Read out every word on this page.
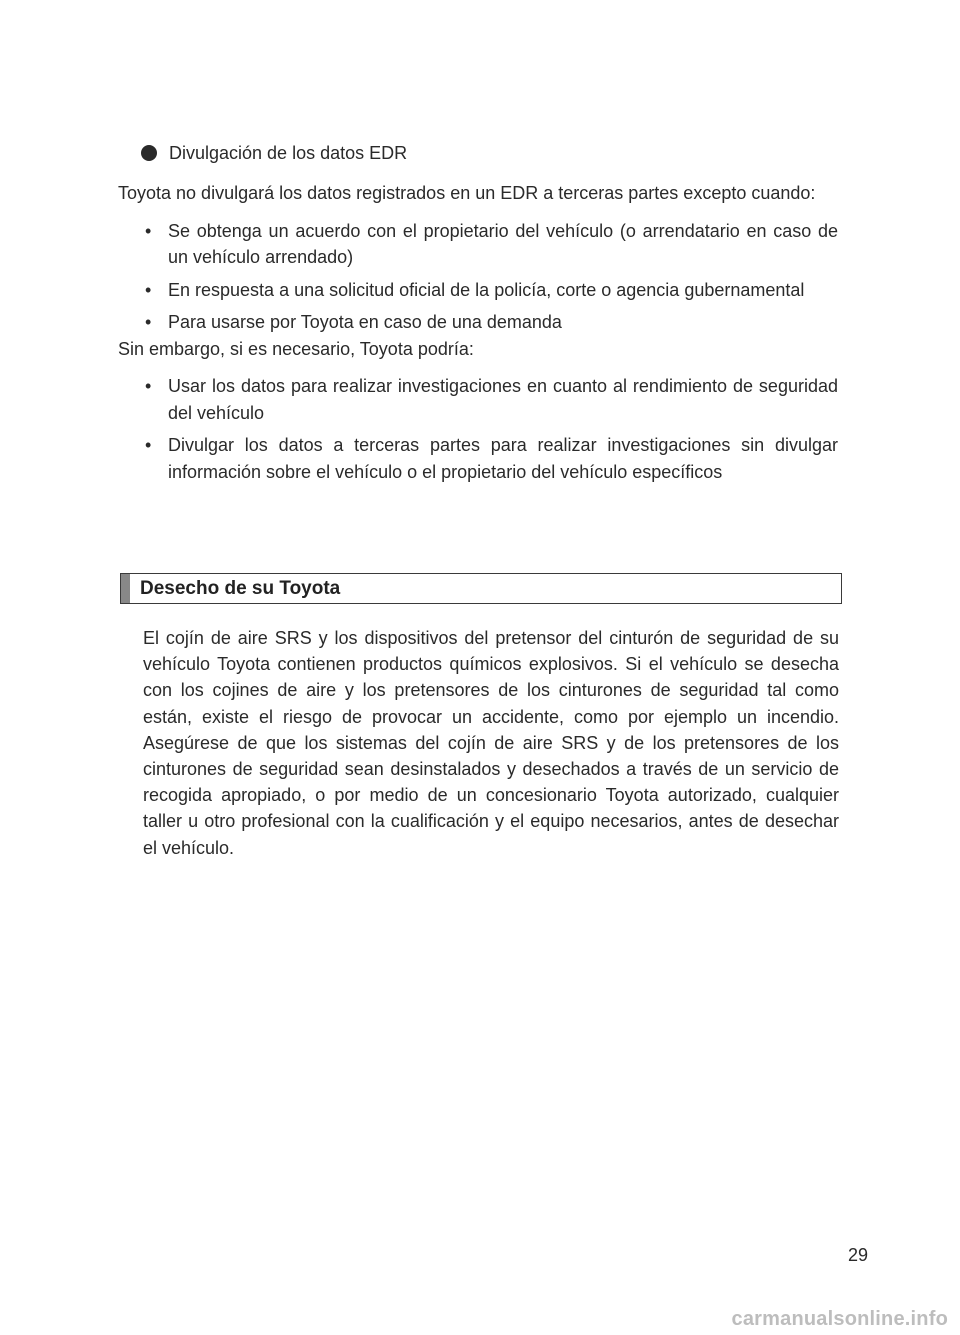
Divulgación de los datos EDR

Toyota no divulgará los datos registrados en un EDR a terceras partes excepto cuando:

• Se obtenga un acuerdo con el propietario del vehículo (o arrendatario en caso de un vehículo arrendado)
• En respuesta a una solicitud oficial de la policía, corte o agencia gubernamental
• Para usarse por Toyota en caso de una demanda

Sin embargo, si es necesario, Toyota podría:

• Usar los datos para realizar investigaciones en cuanto al rendimiento de seguridad del vehículo
• Divulgar los datos a terceras partes para realizar investigaciones sin divulgar información sobre el vehículo o el propietario del vehículo específicos
Desecho de su Toyota

El cojín de aire SRS y los dispositivos del pretensor del cinturón de seguridad de su vehículo Toyota contienen productos químicos explosivos. Si el vehículo se desecha con los cojines de aire y los pretensores de los cinturones de seguridad tal como están, existe el riesgo de provocar un accidente, como por ejemplo un incendio. Asegúrese de que los sistemas del cojín de aire SRS y de los pretensores de los cinturones de seguridad sean desinstalados y desechados a través de un servicio de recogida apropiado, o por medio de un concesionario Toyota autorizado, cualquier taller u otro profesional con la cualificación y el equipo necesarios, antes de desechar el vehículo.

29
carmanualsonline.info
